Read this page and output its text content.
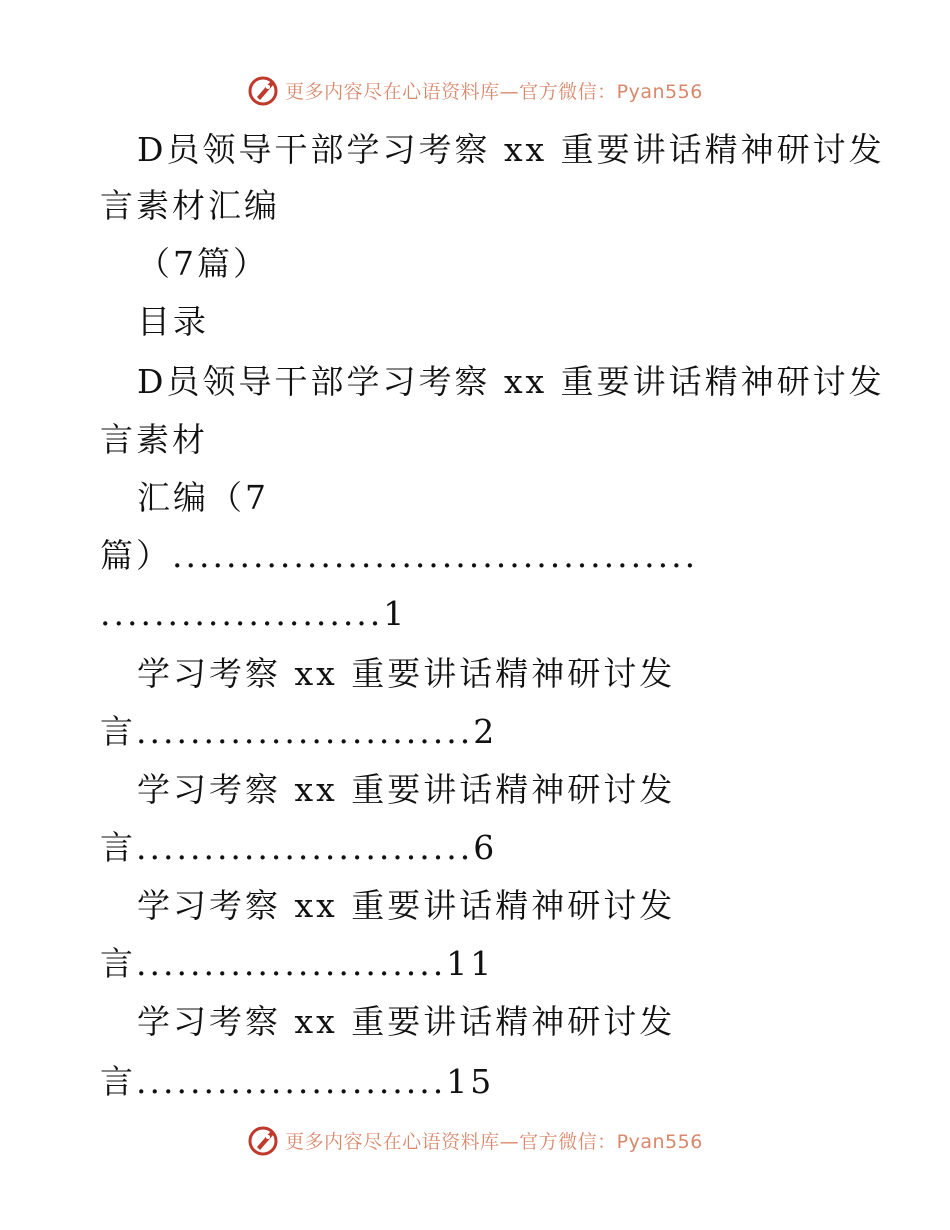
更多内容尽在心语资料库—官方微信：Pyan556
D员领导干部学习考察 xx 重要讲话精神研讨发
言素材汇编
（7篇）
目录
D员领导干部学习考察 xx 重要讲话精神研讨发
言素材
汇编（7
篇）.......................................
.....................1
学习考察 xx 重要讲话精神研讨发
言.........................2
学习考察 xx 重要讲话精神研讨发
言.........................6
学习考察 xx 重要讲话精神研讨发
言.......................11
学习考察 xx 重要讲话精神研讨发
言.......................15
更多内容尽在心语资料库—官方微信：Pyan556
